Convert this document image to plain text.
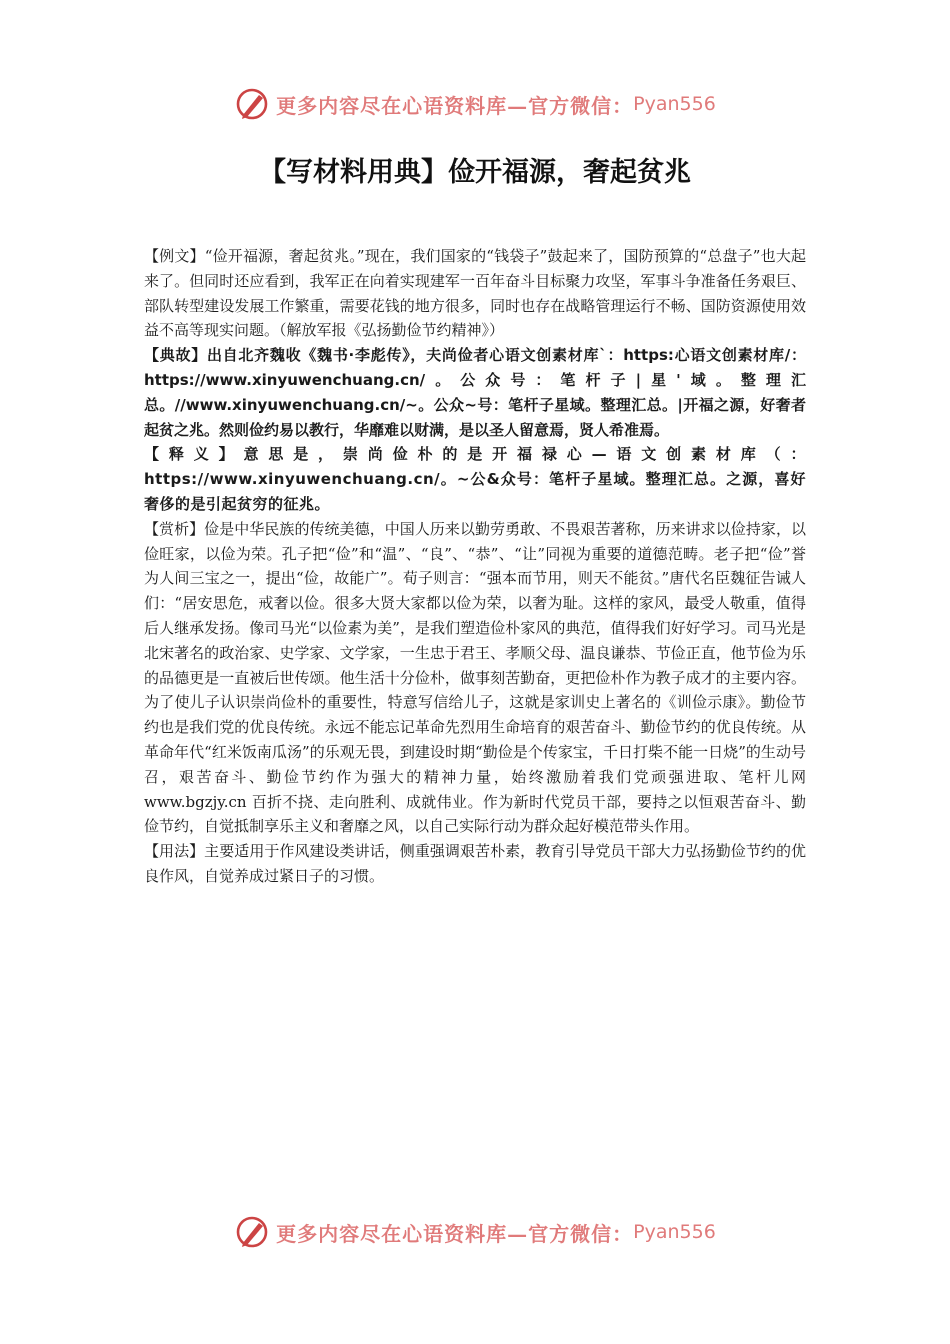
更多内容尽在心语资料库—官方微信： Pyan556
【写材料用典】俭开福源，奢起贫兆

【例文】“俭开福源，奢起贫兆。”现在，我们国家的“钱袋子”鼓起来了，国防预算的“总盘子”也大起来了。但同时还应看到，我军正在向着实现建军一百年奋斗目标聚力攻坚，军事斗争准备任务艰巨、部队转型建设发展工作繁重，需要花钱的地方很多，同时也存在战略管理运行不畅、国防资源使用效益不高等现实问题。（解放军报《弘扬勤俭节约精神》）

【典故】出自北齐魏收《魏书·李彪传》，夫尚俭者心语文创素材库`：https:心语文创素材库/：https://www.xinyuwenchuang.cn/。公众号：笔杆子|星'域。整理汇总。//www.xinyuwenchuang.cn/~。公众~号：笔杆子星域。整理汇总。|开福之源，好奢者起贫之兆。然则俭约易以教行，华靡难以财满，是以圣人留意焉，贤人希准焉。

【释义】意思是，崇尚俭朴的是开福禄心—语文创素材库（：https://www.xinyuwenchuang.cn/。~公&众号：笔杆子星域。整理汇总。之源，喜好奢侈的是引起贫穷的征兆。

【赏析】俭是中华民族的传统美德，中国人历来以勤劳勇敢、不畏艰苦著称，历来讲求以俭持家，以俭旺家，以俭为荣。孔子把“俭”和“温”、“良”、“恭”、“让”同视为重要的道德范畴。老子把“俭”誉为人间三宝之一，提出“俭，故能广”。荀子则言：“强本而节用，则天不能贫。”唐代名臣魏征告诫人们：“居安思危，戒奢以俭。很多大贤大家都以俭为荣，以奢为耻。这样的家风，最受人敬重，值得后人继承发扬。像司马光“以俭素为美”，是我们塑造俭朴家风的典范，值得我们好好学习。司马光是北宋著名的政治家、史学家、文学家，一生忠于君王、孝顺父母、温良谦恭、节俭正直，他节俭为乐的品德更是一直被后世传颂。他生活十分俭朴，做事刻苦勤奋，更把俭朴作为教子成才的主要内容。为了使儿子认识崇尚俭朴的重要性，特意写信给儿子，这就是家训史上著名的《训俭示康》。勤俭节约也是我们党的优良传统。永远不能忘记革命先烈用生命培育的艰苦奋斗、勤俭节约的优良传统。从革命年代“红米饭南瓜汤”的乐观无畏，到建设时期“勤俭是个传家宝，千日打柴不能一日烧”的生动号召，艰苦奋斗、勤俭节约作为强大的精神力量，始终激励着我们党顽强进取、笔杆儿网 www.bgzjy.cn 百折不挠、走向胜利、成就伟业。作为新时代党员干部，要持之以恒艰苦奋斗、勤俭节约，自觉抵制享乐主义和奢靡之风，以自己实际行动为群众起好模范带头作用。

【用法】主要适用于作风建设类讲话，侧重强调艰苦朴素，教育引导党员干部大力弘扬勤俭节约的优良作风，自觉养成过紧日子的习惯。

更多内容尽在心语资料库—官方微信： Pyan556
